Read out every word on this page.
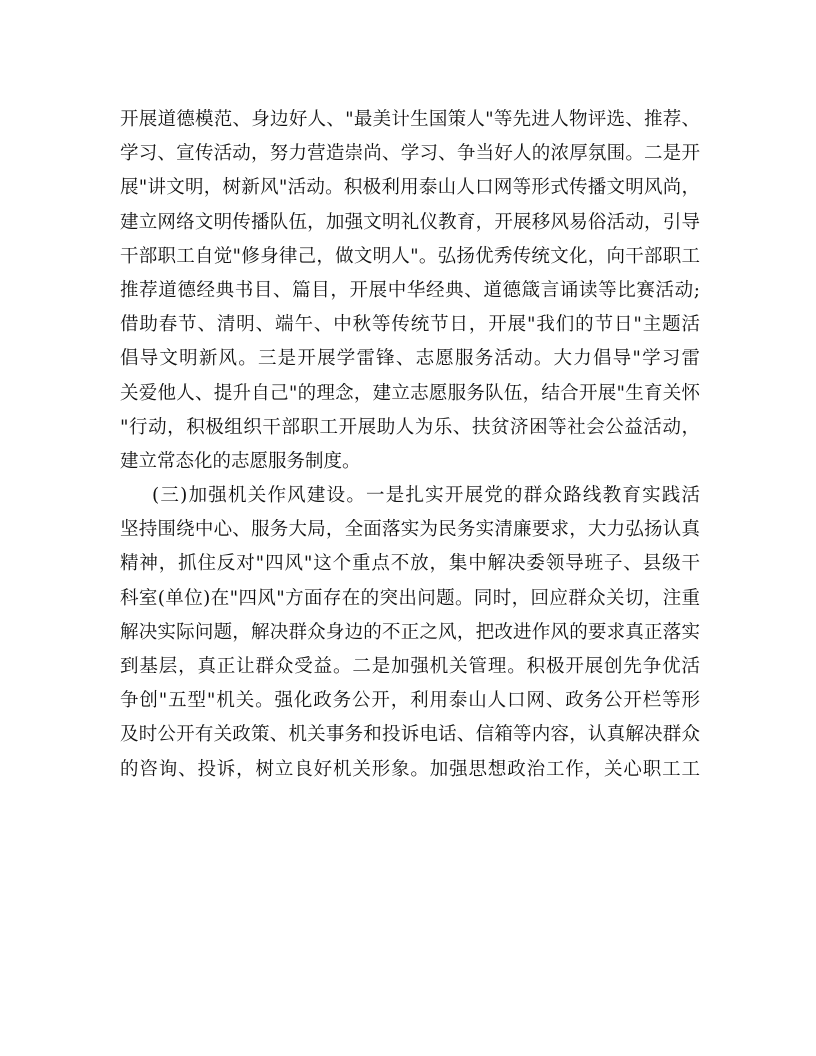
开展道德模范、身边好人、"最美计生国策人"等先进人物评选、推荐、
学习、宣传活动，努力营造崇尚、学习、争当好人的浓厚氛围。二是开
展"讲文明，树新风"活动。积极利用泰山人口网等形式传播文明风尚，
建立网络文明传播队伍，加强文明礼仪教育，开展移风易俗活动，引导
干部职工自觉"修身律己，做文明人"。弘扬优秀传统文化，向干部职工
推荐道德经典书目、篇目，开展中华经典、道德箴言诵读等比赛活动;
借助春节、清明、端午、中秋等传统节日，开展"我们的节日"主题活
倡导文明新风。三是开展学雷锋、志愿服务活动。大力倡导"学习雷
关爱他人、提升自己"的理念，建立志愿服务队伍，结合开展"生育关怀
"行动，积极组织干部职工开展助人为乐、扶贫济困等社会公益活动，
建立常态化的志愿服务制度。
(三)加强机关作风建设。一是扎实开展党的群众路线教育实践活
坚持围绕中心、服务大局，全面落实为民务实清廉要求，大力弘扬认真
精神，抓住反对"四风"这个重点不放，集中解决委领导班子、县级干
科室(单位)在"四风"方面存在的突出问题。同时，回应群众关切，注重
解决实际问题，解决群众身边的不正之风，把改进作风的要求真正落实
到基层，真正让群众受益。二是加强机关管理。积极开展创先争优活
争创"五型"机关。强化政务公开，利用泰山人口网、政务公开栏等形
及时公开有关政策、机关事务和投诉电话、信箱等内容，认真解决群众
的咨询、投诉，树立良好机关形象。加强思想政治工作，关心职工工
